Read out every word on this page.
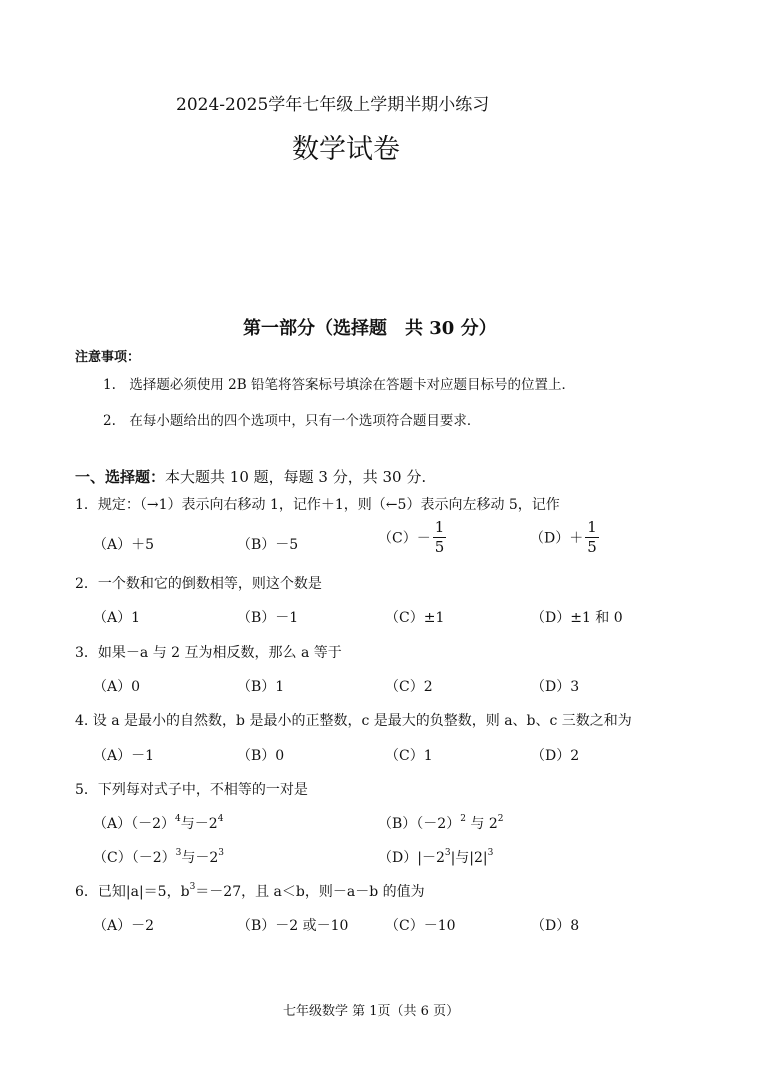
2024-2025学年七年级上学期半期小练习
数学试卷
第一部分（选择题　共 30 分）
注意事项：
1.　选择题必须使用 2B 铅笔将答案标号填涂在答题卡对应题目标号的位置上．
2.　在每小题给出的四个选项中，只有一个选项符合题目要求．
一、选择题：本大题共 10 题，每题 3 分，共 30 分.
1．规定：（→1）表示向右移动 1，记作＋1，则（←5）表示向左移动 5，记作
（A）＋5	（B）－5	$(C)- \frac{1}{5}$	$(D)+ \frac{1}{5}$
2．一个数和它的倒数相等，则这个数是
（A）1	（B）－1	（C）±1	（D）±1 和 0
3．如果－a 与 2 互为相反数，那么 a 等于
（A）0	（B）1	（C）2	（D）3
4. 设 a 是最小的自然数，b 是最小的正整数，c 是最大的负整数，则 a、b、c 三数之和为
（A）－1	（B）0	（C）1	（D）2
5．下列每对式子中，不相等的一对是
$(A)(-2)^4$与$-2^4$	$(B)(-2)^2$ 与 $2^2$
$(C)(-2)^3$与$-2^3$	$(D)|-2^3|$与$|2|^3$
6．已知|a|＝5，$b^3=-27$，且 a＜b，则－a－b 的值为
（A）－2	（B）－2 或－10	（C）－10	（D）8
七年级数学 第 1页（共 6 页）
